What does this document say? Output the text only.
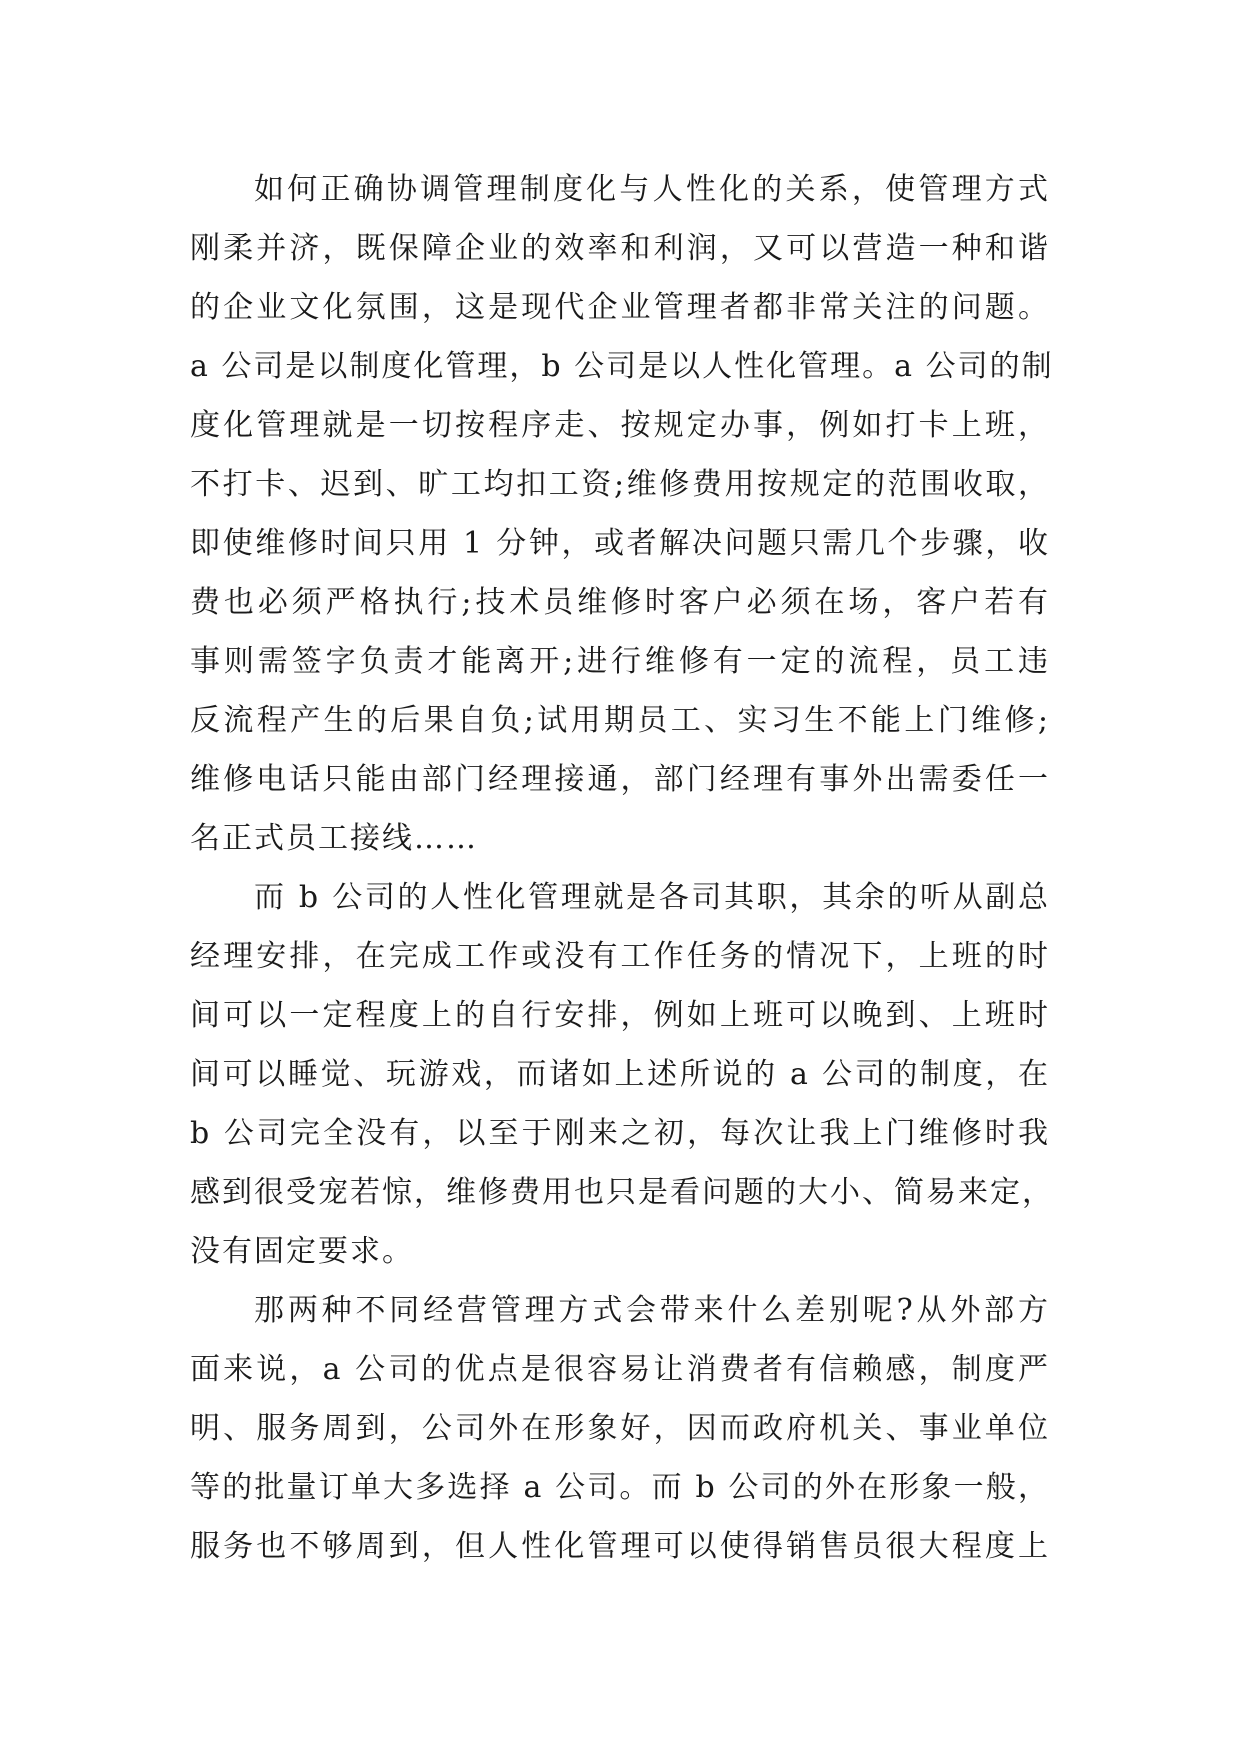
如何正确协调管理制度化与人性化的关系，使管理方式
刚柔并济，既保障企业的效率和利润，又可以营造一种和谐
的企业文化氛围，这是现代企业管理者都非常关注的问题。
a 公司是以制度化管理，b 公司是以人性化管理。a 公司的制
度化管理就是一切按程序走、按规定办事，例如打卡上班，
不打卡、迟到、旷工均扣工资;维修费用按规定的范围收取，
即使维修时间只用 1 分钟，或者解决问题只需几个步骤，收
费也必须严格执行;技术员维修时客户必须在场，客户若有
事则需签字负责才能离开;进行维修有一定的流程，员工违
反流程产生的后果自负;试用期员工、实习生不能上门维修;
维修电话只能由部门经理接通，部门经理有事外出需委任一
名正式员工接线……
而 b 公司的人性化管理就是各司其职，其余的听从副总
经理安排，在完成工作或没有工作任务的情况下，上班的时
间可以一定程度上的自行安排，例如上班可以晚到、上班时
间可以睡觉、玩游戏，而诸如上述所说的 a 公司的制度，在
b 公司完全没有，以至于刚来之初，每次让我上门维修时我
感到很受宠若惊，维修费用也只是看问题的大小、简易来定，
没有固定要求。
那两种不同经营管理方式会带来什么差别呢?从外部方
面来说，a 公司的优点是很容易让消费者有信赖感，制度严
明、服务周到，公司外在形象好，因而政府机关、事业单位
等的批量订单大多选择 a 公司。而 b 公司的外在形象一般，
服务也不够周到，但人性化管理可以使得销售员很大程度上
